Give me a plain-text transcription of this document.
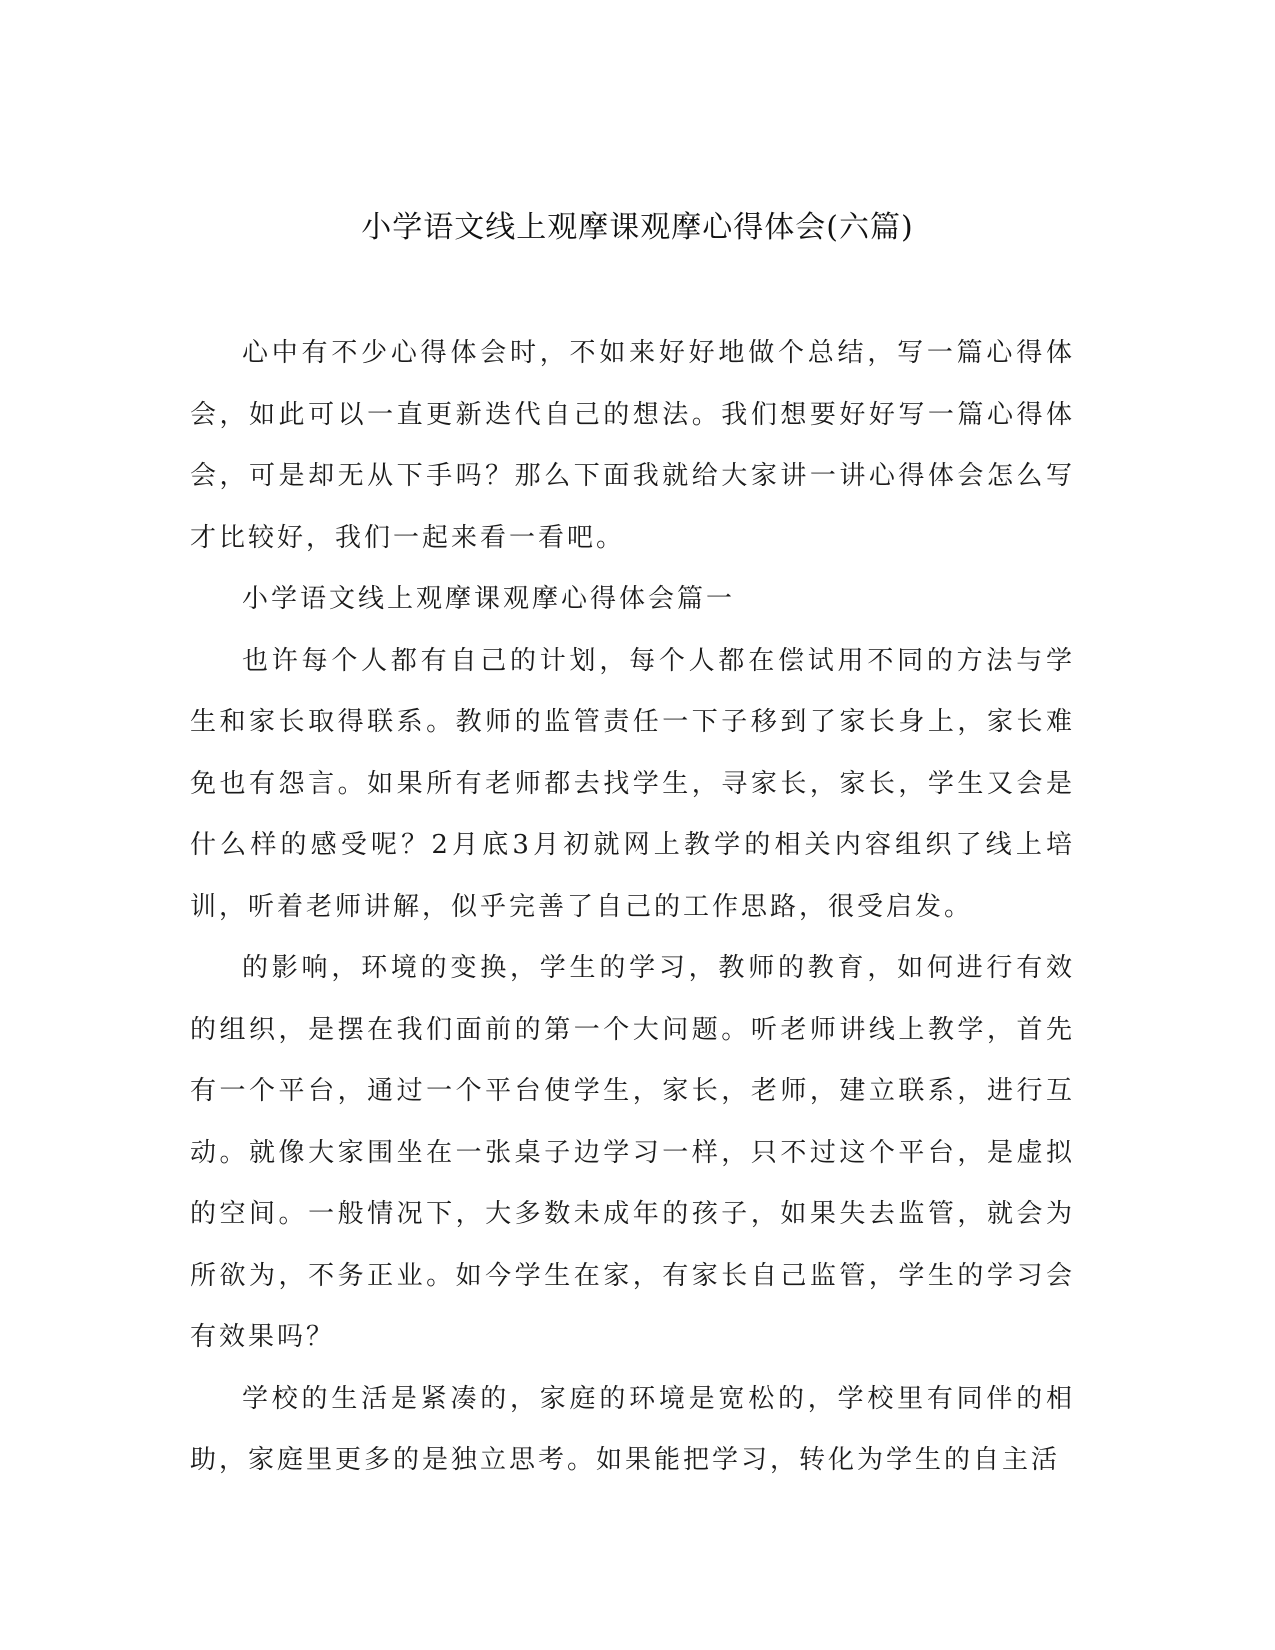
小学语文线上观摩课观摩心得体会(六篇)

心中有不少心得体会时，不如来好好地做个总结，写一篇心得体会，如此可以一直更新迭代自己的想法。我们想要好好写一篇心得体会，可是却无从下手吗？那么下面我就给大家讲一讲心得体会怎么写才比较好，我们一起来看一看吧。

小学语文线上观摩课观摩心得体会篇一

也许每个人都有自己的计划，每个人都在偿试用不同的方法与学生和家长取得联系。教师的监管责任一下子移到了家长身上，家长难免也有怨言。如果所有老师都去找学生，寻家长，家长，学生又会是什么样的感受呢？2月底3月初就网上教学的相关内容组织了线上培训，听着老师讲解，似乎完善了自己的工作思路，很受启发。

的影响，环境的变换，学生的学习，教师的教育，如何进行有效的组织，是摆在我们面前的第一个大问题。听老师讲线上教学，首先有一个平台，通过一个平台使学生，家长，老师，建立联系，进行互动。就像大家围坐在一张桌子边学习一样，只不过这个平台，是虚拟的空间。一般情况下，大多数未成年的孩子，如果失去监管，就会为所欲为，不务正业。如今学生在家，有家长自己监管，学生的学习会有效果吗？

学校的生活是紧凑的，家庭的环境是宽松的，学校里有同伴的相助，家庭里更多的是独立思考。如果能把学习，转化为学生的自主活
